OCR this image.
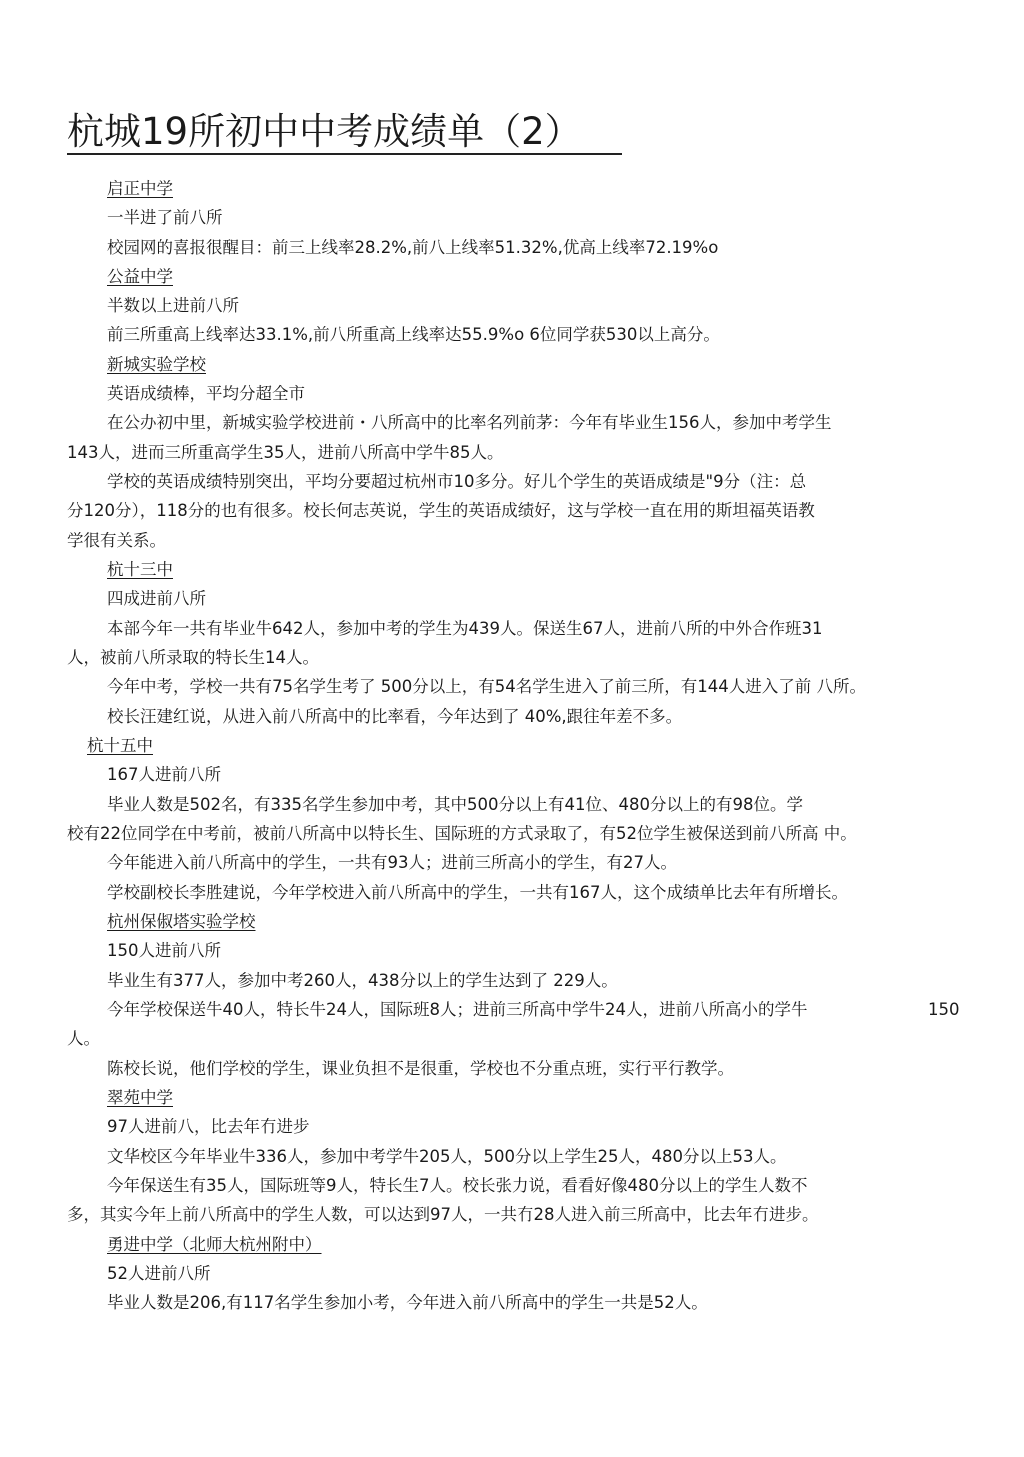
杭城19所初中中考成绩单（2）
启正中学
一半进了前八所
校园网的喜报很醒目：前三上线率28.2%,前八上线率51.32%,优高上线率72.19%o
公益中学
半数以上进前八所
前三所重高上线率达33.1%,前八所重高上线率达55.9%o 6位同学获530以上高分。
新城实验学校
英语成绩棒，平均分超全市
在公办初中里，新城实验学校进前・八所高中的比率名列前茅：今年有毕业生156人，参加中考学生
143人，进而三所重高学生35人，进前八所高中学牛85人。
学校的英语成绩特别突出，平均分要超过杭州市10多分。好儿个学生的英语成绩是"9分（注：总
分120分），118分的也有很多。校长何志英说，学生的英语成绩好，这与学校一直在用的斯坦福英语教
学很有关系。
杭十三中
四成进前八所
本部今年一共有毕业牛642人，参加中考的学生为439人。保送生67人，进前八所的中外合作班31
人，被前八所录取的特长生14人。
今年中考，学校一共有75名学生考了 500分以上，有54名学生进入了前三所，有144人进入了前 八所。
校长汪建红说，从进入前八所高中的比率看，今年达到了 40%,跟往年差不多。
杭十五中
167人进前八所
毕业人数是502名，有335名学生参加中考，其中500分以上有41位、480分以上的有98位。学
校有22位同学在中考前，被前八所高中以特长生、国际班的方式录取了，有52位学生被保送到前八所高 中。
今年能进入前八所高中的学生，一共有93人；进前三所高小的学生，有27人。
学校副校长李胜建说，今年学校进入前八所高中的学生，一共有167人，这个成绩单比去年有所增长。
杭州保俶塔实验学校
150人进前八所
毕业生有377人，参加中考260人，438分以上的学生达到了 229人。
今年学校保送牛40人，特长牛24人，国际班8人；进前三所高中学牛24人，进前八所高小的学牛	150
人。
陈校长说，他们学校的学生，课业负担不是很重，学校也不分重点班，实行平行教学。
翠苑中学
97人进前八，比去年冇进步
文华校区今年毕业牛336人，参加中考学牛205人，500分以上学生25人，480分以上53人。
今年保送生有35人，国际班等9人，特长生7人。校长张力说，看看好像480分以上的学生人数不
多，其实今年上前八所高中的学生人数，可以达到97人，一共冇28人进入前三所高中，比去年冇进步。
勇进中学（北师大杭州附中）
52人进前八所
毕业人数是206,有117名学生参加小考，今年进入前八所高中的学生一共是52人。
